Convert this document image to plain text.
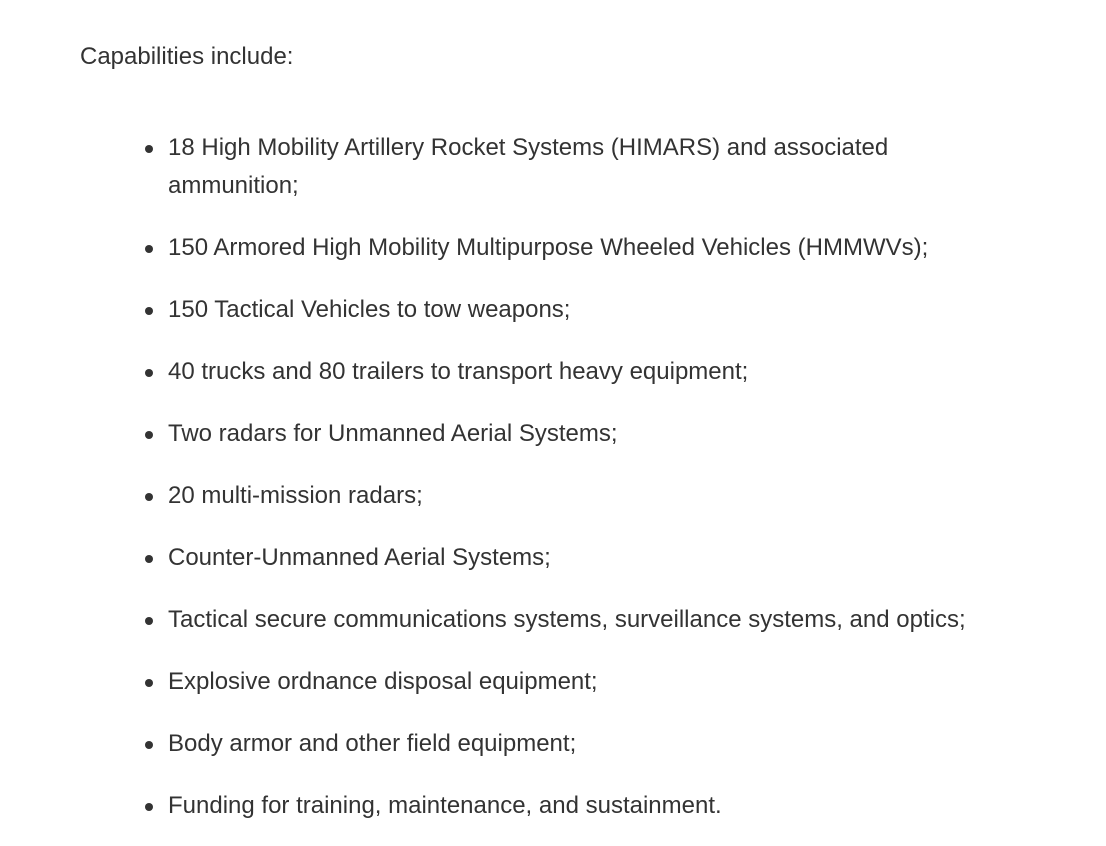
Capabilities include:

18 High Mobility Artillery Rocket Systems (HIMARS) and associated ammunition;
150 Armored High Mobility Multipurpose Wheeled Vehicles (HMMWVs);
150 Tactical Vehicles to tow weapons;
40 trucks and 80 trailers to transport heavy equipment;
Two radars for Unmanned Aerial Systems;
20 multi-mission radars;
Counter-Unmanned Aerial Systems;
Tactical secure communications systems, surveillance systems, and optics;
Explosive ordnance disposal equipment;
Body armor and other field equipment;
Funding for training, maintenance, and sustainment.
